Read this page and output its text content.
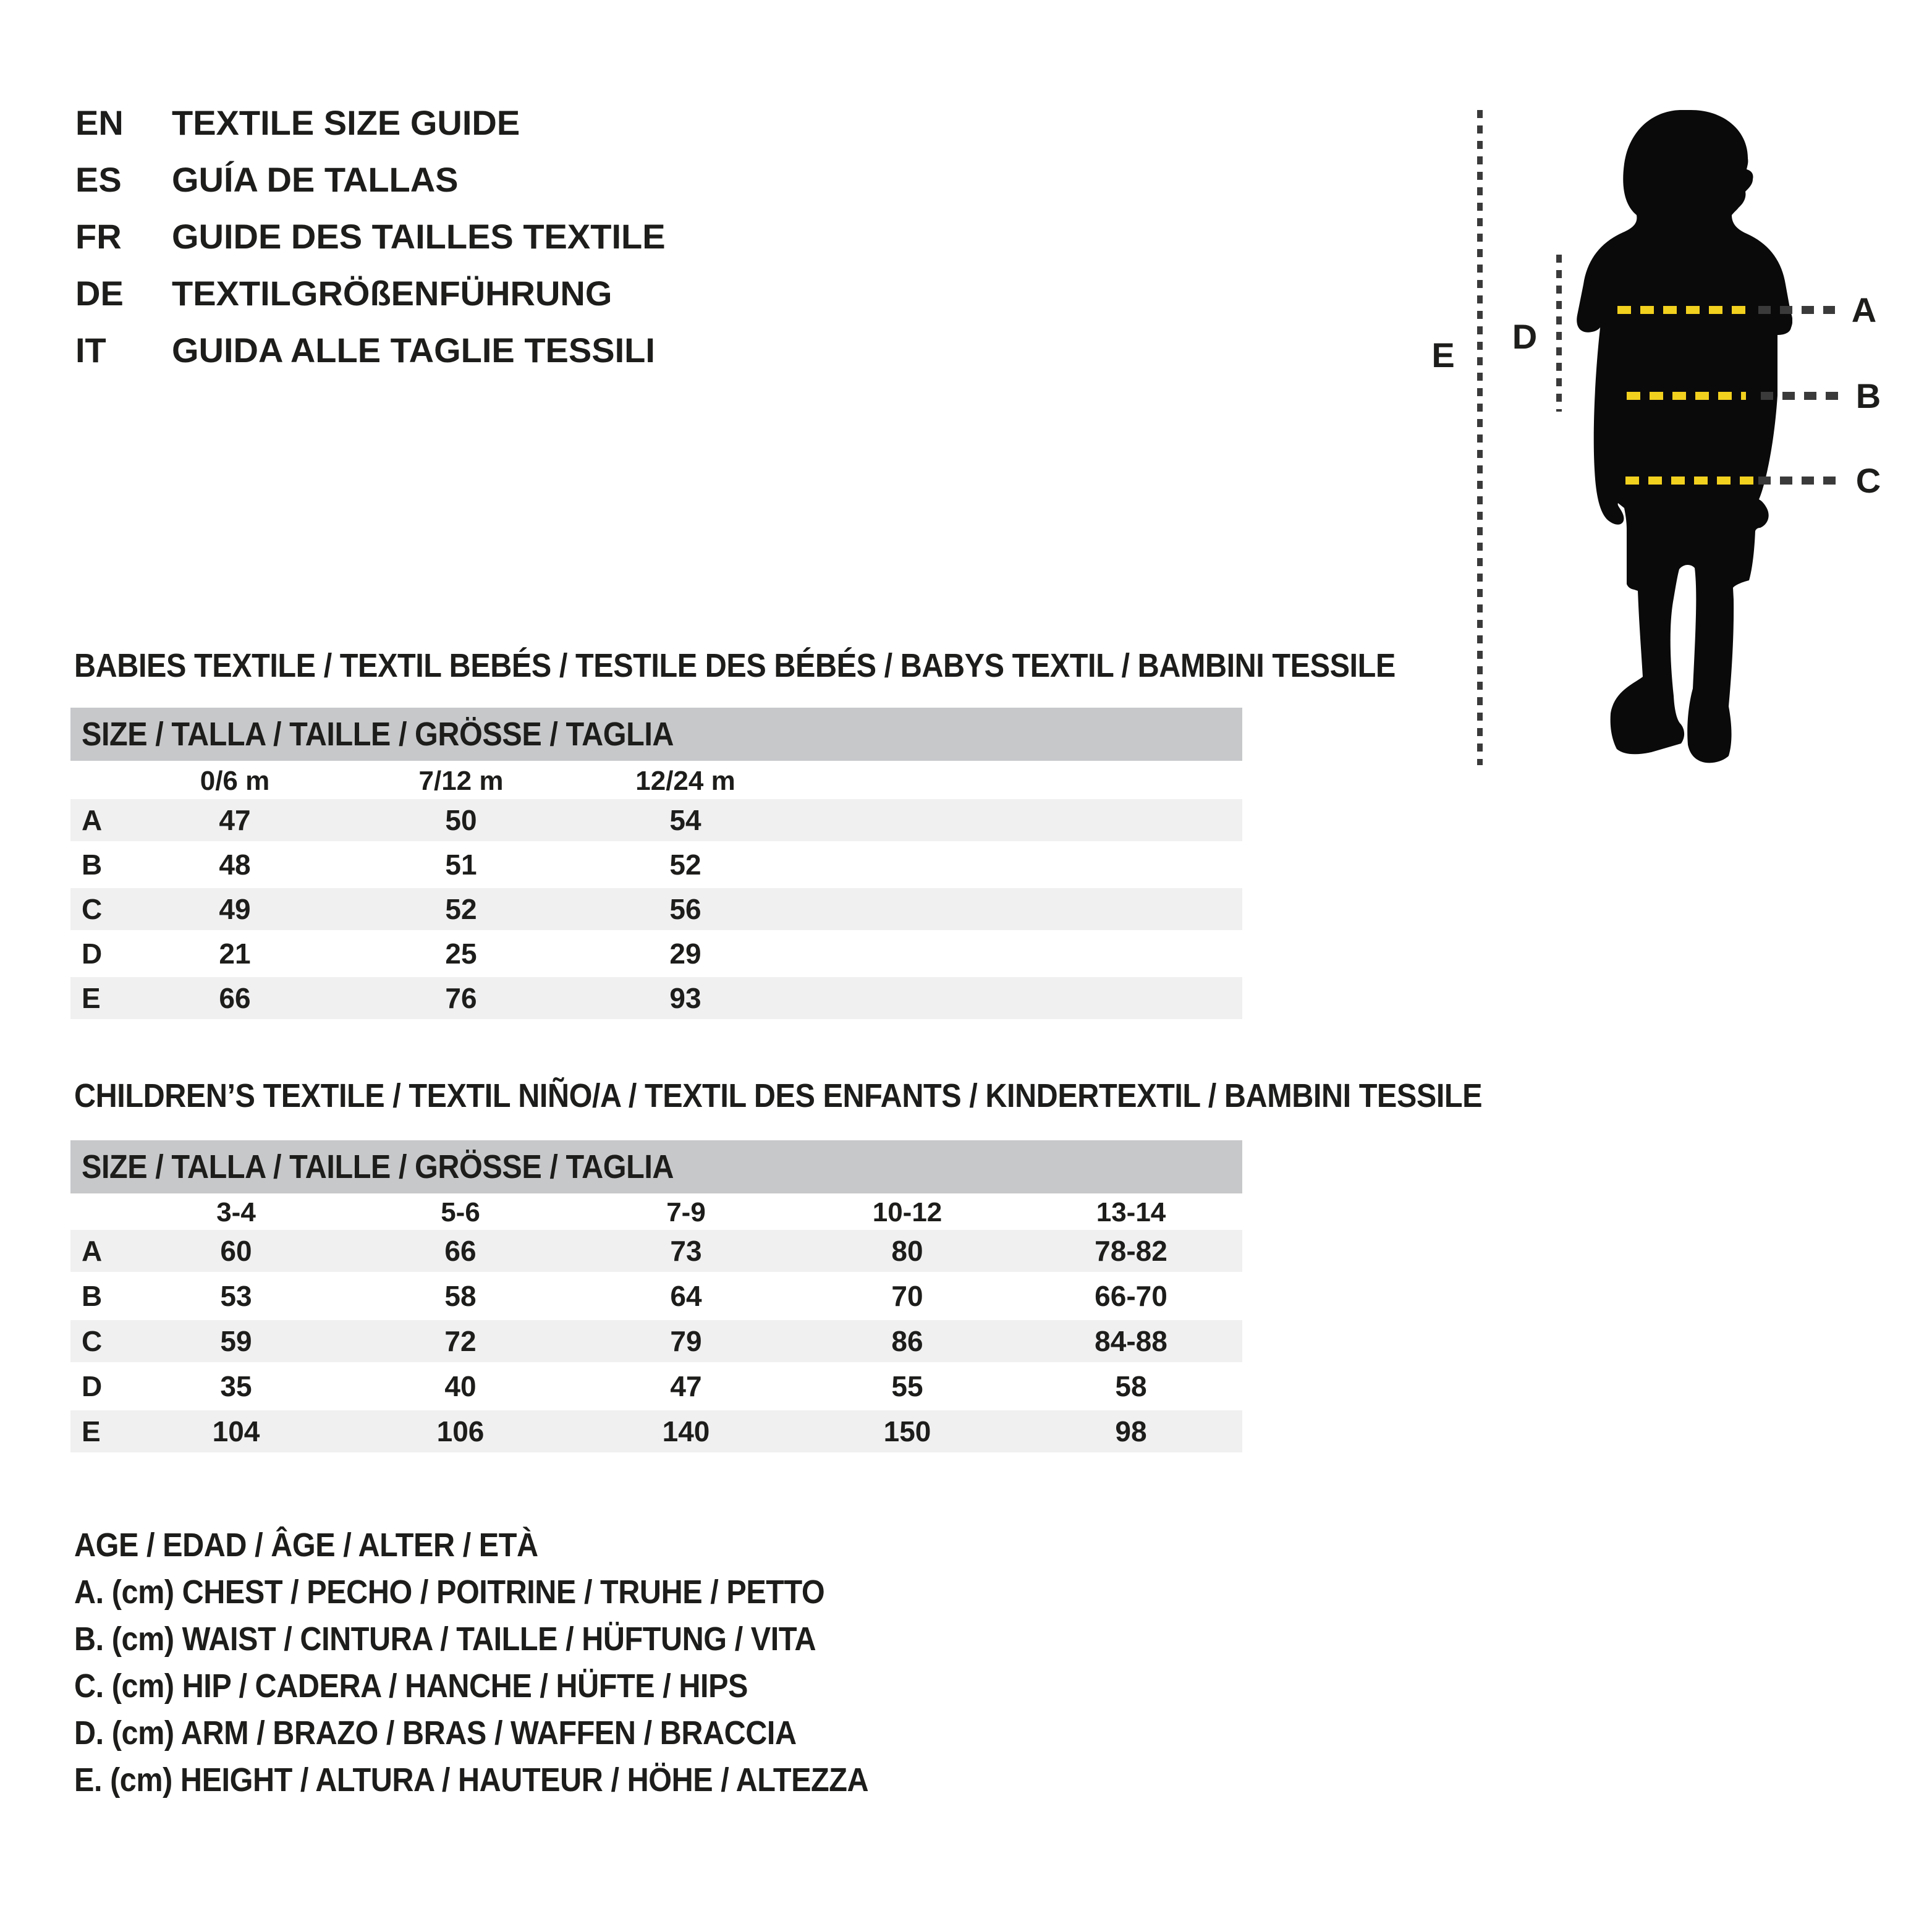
EN	TEXTILE SIZE GUIDE
ES	GUÍA DE TALLAS
FR	GUIDE DES TAILLES TEXTILE
DE	TEXTILGRÖßENFÜHRUNG
IT	GUIDA ALLE TAGLIE TESSILI	E	D
A
B
C
BABIES TEXTILE / TEXTIL BEBÉS / TESTILE DES BÉBÉS / BABYS TEXTIL / BAMBINI TESSILE
SIZE / TALLA / TAILLE / GRÖSSE / TAGLIA
0/6 m	7/12 m	12/24 m
A	47	50	54
B	48	51	52
C	49	52	56
D	21	25	29
E	66	76	93
CHILDREN’S TEXTILE / TEXTIL NIÑO/A / TEXTIL DES ENFANTS / KINDERTEXTIL / BAMBINI TESSILE
SIZE / TALLA / TAILLE / GRÖSSE / TAGLIA
3-4	5-6	7-9	10-12	13-14
A	60	66	73	80	78-82
B	53	58	64	70	66-70
C	59	72	79	86	84-88
D	35	40	47	55	58
E	104	106	140	150	98
AGE / EDAD / ÂGE / ALTER / ETÀ
A. (cm) CHEST / PECHO / POITRINE / TRUHE / PETTO
B. (cm) WAIST / CINTURA / TAILLE / HÜFTUNG / VITA
C. (cm) HIP / CADERA / HANCHE / HÜFTE / HIPS
D. (cm) ARM / BRAZO / BRAS / WAFFEN / BRACCIA
E. (cm) HEIGHT / ALTURA / HAUTEUR / HÖHE / ALTEZZA
